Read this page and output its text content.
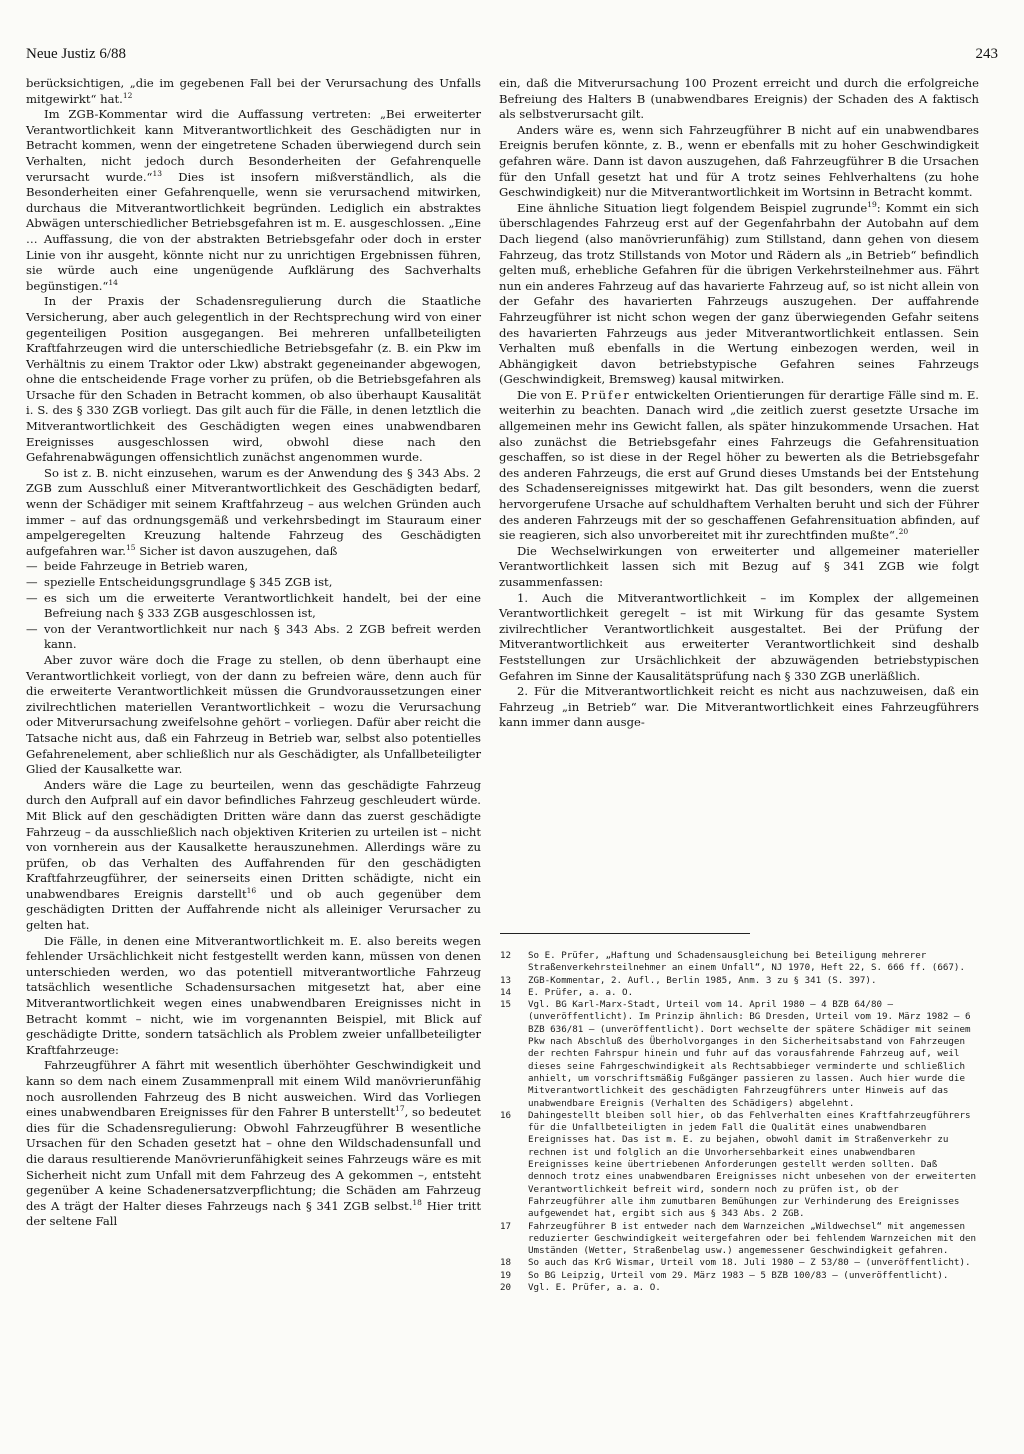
Neue Justiz 6/88	243

berücksichtigen, „die im gegebenen Fall bei der Verursachung des Unfalls mitgewirkt“ hat.$^{12}$

Im ZGB-Kommentar wird die Auffassung vertreten: „Bei erweiterter Verantwortlichkeit kann Mitverantwortlichkeit des Geschädigten nur in Betracht kommen, wenn der eingetretene Schaden überwiegend durch sein Verhalten, nicht jedoch durch Besonderheiten der Gefahrenquelle verursacht wurde.“$^{13}$ Dies ist insofern mißverständlich, als die Besonderheiten einer Gefahrenquelle, wenn sie verursachend mitwirken, durchaus die Mitverantwortlichkeit begründen. Lediglich ein abstraktes Abwägen unterschiedlicher Betriebsgefahren ist m. E. ausgeschlossen. „Eine … Auffassung, die von der abstrakten Betriebsgefahr oder doch in erster Linie von ihr ausgeht, könnte nicht nur zu unrichtigen Ergebnissen führen, sie würde auch eine ungenügende Aufklärung des Sachverhalts begünstigen.“$^{14}$

In der Praxis der Schadensregulierung durch die Staatliche Versicherung, aber auch gelegentlich in der Rechtsprechung wird von einer gegenteiligen Position ausgegangen. Bei mehreren unfallbeteiligten Kraftfahrzeugen wird die unterschiedliche Betriebsgefahr (z. B. ein Pkw im Verhältnis zu einem Traktor oder Lkw) abstrakt gegeneinander abgewogen, ohne die entscheidende Frage vorher zu prüfen, ob die Betriebsgefahren als Ursache für den Schaden in Betracht kommen, ob also überhaupt Kausalität i. S. des § 330 ZGB vorliegt. Das gilt auch für die Fälle, in denen letztlich die Mitverantwortlichkeit des Geschädigten wegen eines unabwendbaren Ereignisses ausgeschlossen wird, obwohl diese nach den Gefahrenabwägungen offensichtlich zunächst angenommen wurde.

So ist z. B. nicht einzusehen, warum es der Anwendung des § 343 Abs. 2 ZGB zum Ausschluß einer Mitverantwortlichkeit des Geschädigten bedarf, wenn der Schädiger mit seinem Kraftfahrzeug – aus welchen Gründen auch immer – auf das ordnungsgemäß und verkehrsbedingt im Stauraum einer ampelgeregelten Kreuzung haltende Fahrzeug des Geschädigten aufgefahren war.$^{15}$ Sicher ist davon auszugehen, daß

— beide Fahrzeuge in Betrieb waren,
— spezielle Entscheidungsgrundlage § 345 ZGB ist,
— es sich um die erweiterte Verantwortlichkeit handelt, bei der eine Befreiung nach § 333 ZGB ausgeschlossen ist,
— von der Verantwortlichkeit nur nach § 343 Abs. 2 ZGB befreit werden kann.

Aber zuvor wäre doch die Frage zu stellen, ob denn überhaupt eine Verantwortlichkeit vorliegt, von der dann zu befreien wäre, denn auch für die erweiterte Verantwortlichkeit müssen die Grundvoraussetzungen einer zivilrechtlichen materiellen Verantwortlichkeit – wozu die Verursachung oder Mitverursachung zweifelsohne gehört – vorliegen. Dafür aber reicht die Tatsache nicht aus, daß ein Fahrzeug in Betrieb war, selbst also potentielles Gefahrenelement, aber schließlich nur als Geschädigter, als Unfallbeteiligter Glied der Kausalkette war.

Anders wäre die Lage zu beurteilen, wenn das geschädigte Fahrzeug durch den Aufprall auf ein davor befindliches Fahrzeug geschleudert würde. Mit Blick auf den geschädigten Dritten wäre dann das zuerst geschädigte Fahrzeug – da ausschließlich nach objektiven Kriterien zu urteilen ist – nicht von vornherein aus der Kausalkette herauszunehmen. Allerdings wäre zu prüfen, ob das Verhalten des Auffahrenden für den geschädigten Kraftfahrzeugführer, der seinerseits einen Dritten schädigte, nicht ein unabwendbares Ereignis darstellt$^{16}$ und ob auch gegenüber dem geschädigten Dritten der Auffahrende nicht als alleiniger Verursacher zu gelten hat.

Die Fälle, in denen eine Mitverantwortlichkeit m. E. also bereits wegen fehlender Ursächlichkeit nicht festgestellt werden kann, müssen von denen unterschieden werden, wo das potentiell mitverantwortliche Fahrzeug tatsächlich wesentliche Schadensursachen mitgesetzt hat, aber eine Mitverantwortlichkeit wegen eines unabwendbaren Ereignisses nicht in Betracht kommt – nicht, wie im vorgenannten Beispiel, mit Blick auf geschädigte Dritte, sondern tatsächlich als Problem zweier unfallbeteiligter Kraftfahrzeuge:

Fahrzeugführer A fährt mit wesentlich überhöhter Geschwindigkeit und kann so dem nach einem Zusammenprall mit einem Wild manövrierunfähig noch ausrollenden Fahrzeug des B nicht ausweichen. Wird das Vorliegen eines unabwendbaren Ereignisses für den Fahrer B unterstellt$^{17}$, so bedeutet dies für die Schadensregulierung: Obwohl Fahrzeugführer B wesentliche Ursachen für den Schaden gesetzt hat – ohne den Wildschadensunfall und die daraus resultierende Manövrierunfähigkeit seines Fahrzeugs wäre es mit Sicherheit nicht zum Unfall mit dem Fahrzeug des A gekommen –, entsteht gegenüber A keine Schadenersatzverpflichtung; die Schäden am Fahrzeug des A trägt der Halter dieses Fahrzeugs nach § 341 ZGB selbst.$^{18}$ Hier tritt der seltene Fall

ein, daß die Mitverursachung 100 Prozent erreicht und durch die erfolgreiche Befreiung des Halters B (unabwendbares Ereignis) der Schaden des A faktisch als selbstverursacht gilt.

Anders wäre es, wenn sich Fahrzeugführer B nicht auf ein unabwendbares Ereignis berufen könnte, z. B., wenn er ebenfalls mit zu hoher Geschwindigkeit gefahren wäre. Dann ist davon auszugehen, daß Fahrzeugführer B die Ursachen für den Unfall gesetzt hat und für A trotz seines Fehlverhaltens (zu hohe Geschwindigkeit) nur die Mitverantwortlichkeit im Wortsinn in Betracht kommt.

Eine ähnliche Situation liegt folgendem Beispiel zugrunde$^{19}$: Kommt ein sich überschlagendes Fahrzeug erst auf der Gegenfahrbahn der Autobahn auf dem Dach liegend (also manövrierunfähig) zum Stillstand, dann gehen von diesem Fahrzeug, das trotz Stillstands von Motor und Rädern als „in Betrieb“ befindlich gelten muß, erhebliche Gefahren für die übrigen Verkehrsteilnehmer aus. Fährt nun ein anderes Fahrzeug auf das havarierte Fahrzeug auf, so ist nicht allein von der Gefahr des havarierten Fahrzeugs auszugehen. Der auffahrende Fahrzeugführer ist nicht schon wegen der ganz überwiegenden Gefahr seitens des havarierten Fahrzeugs aus jeder Mitverantwortlichkeit entlassen. Sein Verhalten muß ebenfalls in die Wertung einbezogen werden, weil in Abhängigkeit davon betriebstypische Gefahren seines Fahrzeugs (Geschwindigkeit, Bremsweg) kausal mitwirken.

Die von E. Prüfer entwickelten Orientierungen für derartige Fälle sind m. E. weiterhin zu beachten. Danach wird „die zeitlich zuerst gesetzte Ursache im allgemeinen mehr ins Gewicht fallen, als später hinzukommende Ursachen. Hat also zunächst die Betriebsgefahr eines Fahrzeugs die Gefahrensituation geschaffen, so ist diese in der Regel höher zu bewerten als die Betriebsgefahr des anderen Fahrzeugs, die erst auf Grund dieses Umstands bei der Entstehung des Schadensereignisses mitgewirkt hat. Das gilt besonders, wenn die zuerst hervorgerufene Ursache auf schuldhaftem Verhalten beruht und sich der Führer des anderen Fahrzeugs mit der so geschaffenen Gefahrensituation abfinden, auf sie reagieren, sich also unvorbereitet mit ihr zurechtfinden mußte“.$^{20}$

Die Wechselwirkungen von erweiterter und allgemeiner materieller Verantwortlichkeit lassen sich mit Bezug auf § 341 ZGB wie folgt zusammenfassen:

1. Auch die Mitverantwortlichkeit – im Komplex der allgemeinen Verantwortlichkeit geregelt – ist mit Wirkung für das gesamte System zivilrechtlicher Verantwortlichkeit ausgestaltet. Bei der Prüfung der Mitverantwortlichkeit aus erweiterter Verantwortlichkeit sind deshalb Feststellungen zur Ursächlichkeit der abzuwägenden betriebstypischen Gefahren im Sinne der Kausalitätsprüfung nach § 330 ZGB unerläßlich.

2. Für die Mitverantwortlichkeit reicht es nicht aus nachzuweisen, daß ein Fahrzeug „in Betrieb“ war. Die Mitverantwortlichkeit eines Fahrzeugführers kann immer dann ausge-

12 So E. Prüfer, „Haftung und Schadensausgleichung bei Beteiligung mehrerer Straßenverkehrsteilnehmer an einem Unfall“, NJ 1970, Heft 22, S. 666 ff. (667).
13 ZGB-Kommentar, 2. Aufl., Berlin 1985, Anm. 3 zu § 341 (S. 397).
14 E. Prüfer, a. a. O.
15 Vgl. BG Karl-Marx-Stadt, Urteil vom 14. April 1980 – 4 BZB 64/80 – (unveröffentlicht). Im Prinzip ähnlich: BG Dresden, Urteil vom 19. März 1982 – 6 BZB 636/81 – (unveröffentlicht). Dort wechselte der spätere Schädiger mit seinem Pkw nach Abschluß des Überholvorganges in den Sicherheitsabstand von Fahrzeugen der rechten Fahrspur hinein und fuhr auf das vorausfahrende Fahrzeug auf, weil dieses seine Fahrgeschwindigkeit als Rechtsabbieger verminderte und schließlich anhielt, um vorschriftsmäßig Fußgänger passieren zu lassen. Auch hier wurde die Mitverantwortlichkeit des geschädigten Fahrzeugführers unter Hinweis auf das unabwendbare Ereignis (Verhalten des Schädigers) abgelehnt.
16 Dahingestellt bleiben soll hier, ob das Fehlverhalten eines Kraftfahrzeugführers für die Unfallbeteiligten in jedem Fall die Qualität eines unabwendbaren Ereignisses hat. Das ist m. E. zu bejahen, obwohl damit im Straßenverkehr zu rechnen ist und folglich an die Unvorhersehbarkeit eines unabwendbaren Ereignisses keine übertriebenen Anforderungen gestellt werden sollten. Daß dennoch trotz eines unabwendbaren Ereignisses nicht unbesehen von der erweiterten Verantwortlichkeit befreit wird, sondern noch zu prüfen ist, ob der Fahrzeugführer alle ihm zumutbaren Bemühungen zur Verhinderung des Ereignisses aufgewendet hat, ergibt sich aus § 343 Abs. 2 ZGB.
17 Fahrzeugführer B ist entweder nach dem Warnzeichen „Wildwechsel“ mit angemessen reduzierter Geschwindigkeit weitergefahren oder bei fehlendem Warnzeichen mit den Umständen (Wetter, Straßenbelag usw.) angemessener Geschwindigkeit gefahren.
18 So auch das KrG Wismar, Urteil vom 18. Juli 1980 – Z 53/80 – (unveröffentlicht).
19 So BG Leipzig, Urteil vom 29. März 1983 – 5 BZB 100/83 – (unveröffentlicht).
20 Vgl. E. Prüfer, a. a. O.
